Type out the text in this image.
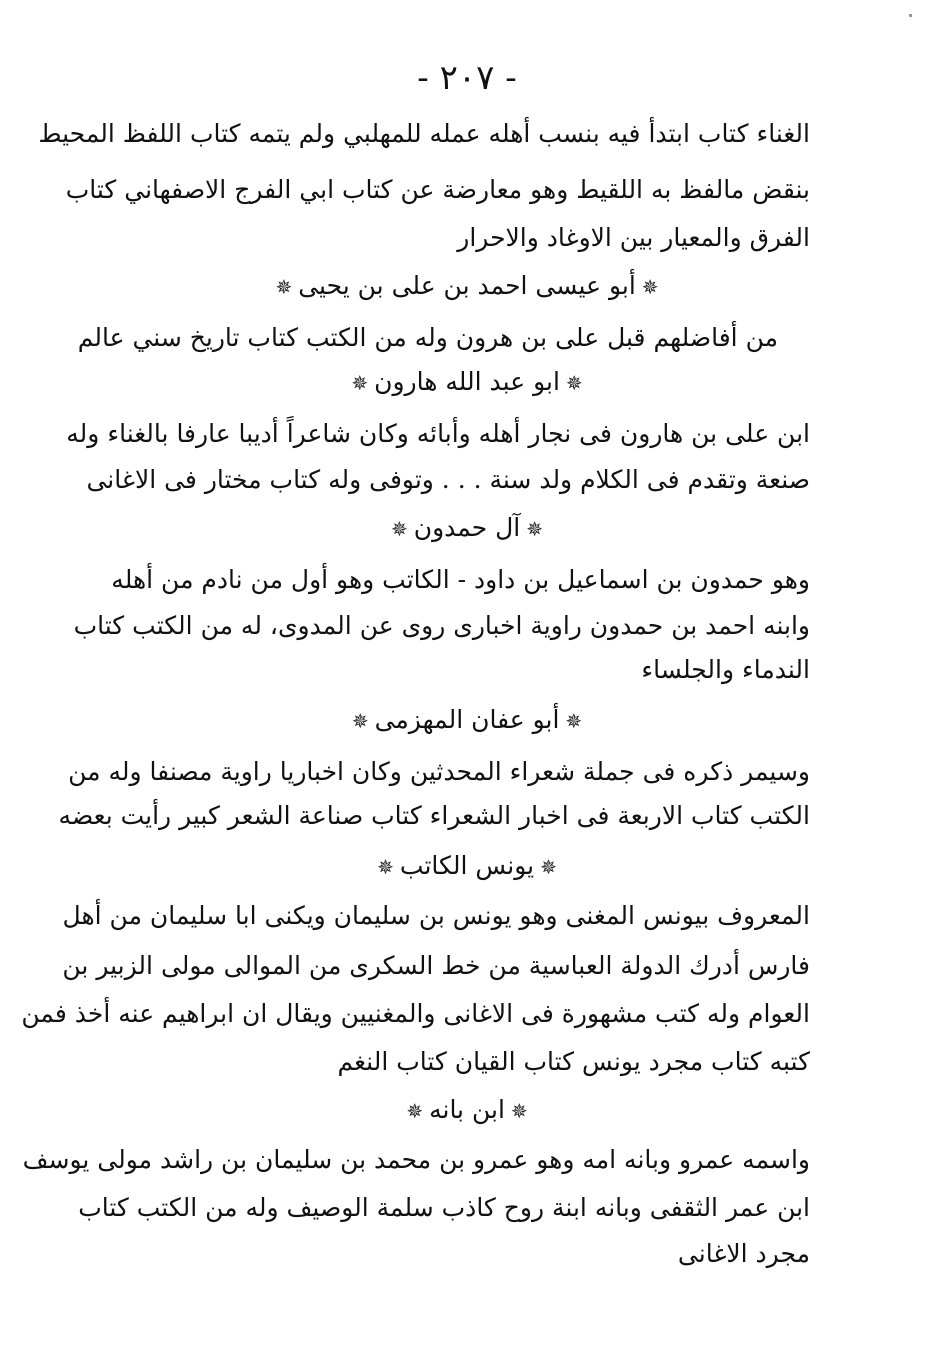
- ٢٠٧ -
الغناء كتاب ابتدأ فيه بنسب أهله عمله للمهلبي ولم يتمه كتاب اللفظ المحيط
بنقض مالفظ به اللقيط وهو معارضة عن كتاب ابي الفرج الاصفهاني كتاب
الفرق والمعيار بين الاوغاد والاحرار
✵أبو عيسى احمد بن على بن يحيى✵
من أفاضلهم قبل على بن هرون وله من الكتب كتاب تاريخ سني عالم
✵ابو عبد الله هارون✵
ابن على بن هارون فى نجار أهله وأبائه وكان شاعراً أديبا عارفا بالغناء وله
صنعة وتقدم فى الكلام ولد سنة . . . وتوفى وله كتاب مختار فى الاغانى
✵آل حمدون✵
وهو حمدون بن اسماعيل بن داود - الكاتب وهو أول من نادم من أهله
وابنه احمد بن حمدون راوية اخبارى روى عن المدوى، له من الكتب كتاب
الندماء والجلساء
✵أبو عفان المهزمى✵
وسيمر ذكره فى جملة شعراء المحدثين وكان اخباريا راوية مصنفا وله من
الكتب كتاب الاربعة فى اخبار الشعراء كتاب صناعة الشعر كبير رأيت بعضه
✵يونس الكاتب✵
المعروف بيونس المغنى وهو يونس بن سليمان ويكنى ابا سليمان من أهل
فارس أدرك الدولة العباسية من خط السكرى من الموالى مولى الزبير بن
العوام وله كتب مشهورة فى الاغانى والمغنيين ويقال ان ابراهيم عنه أخذ فمن
كتبه كتاب مجرد يونس كتاب القيان كتاب النغم
✵ابن بانه✵
واسمه عمرو وبانه امه وهو عمرو بن محمد بن سليمان بن راشد مولى يوسف
ابن عمر الثقفى وبانه ابنة روح كاذب سلمة الوصيف وله من الكتب كتاب
مجرد الاغانى
